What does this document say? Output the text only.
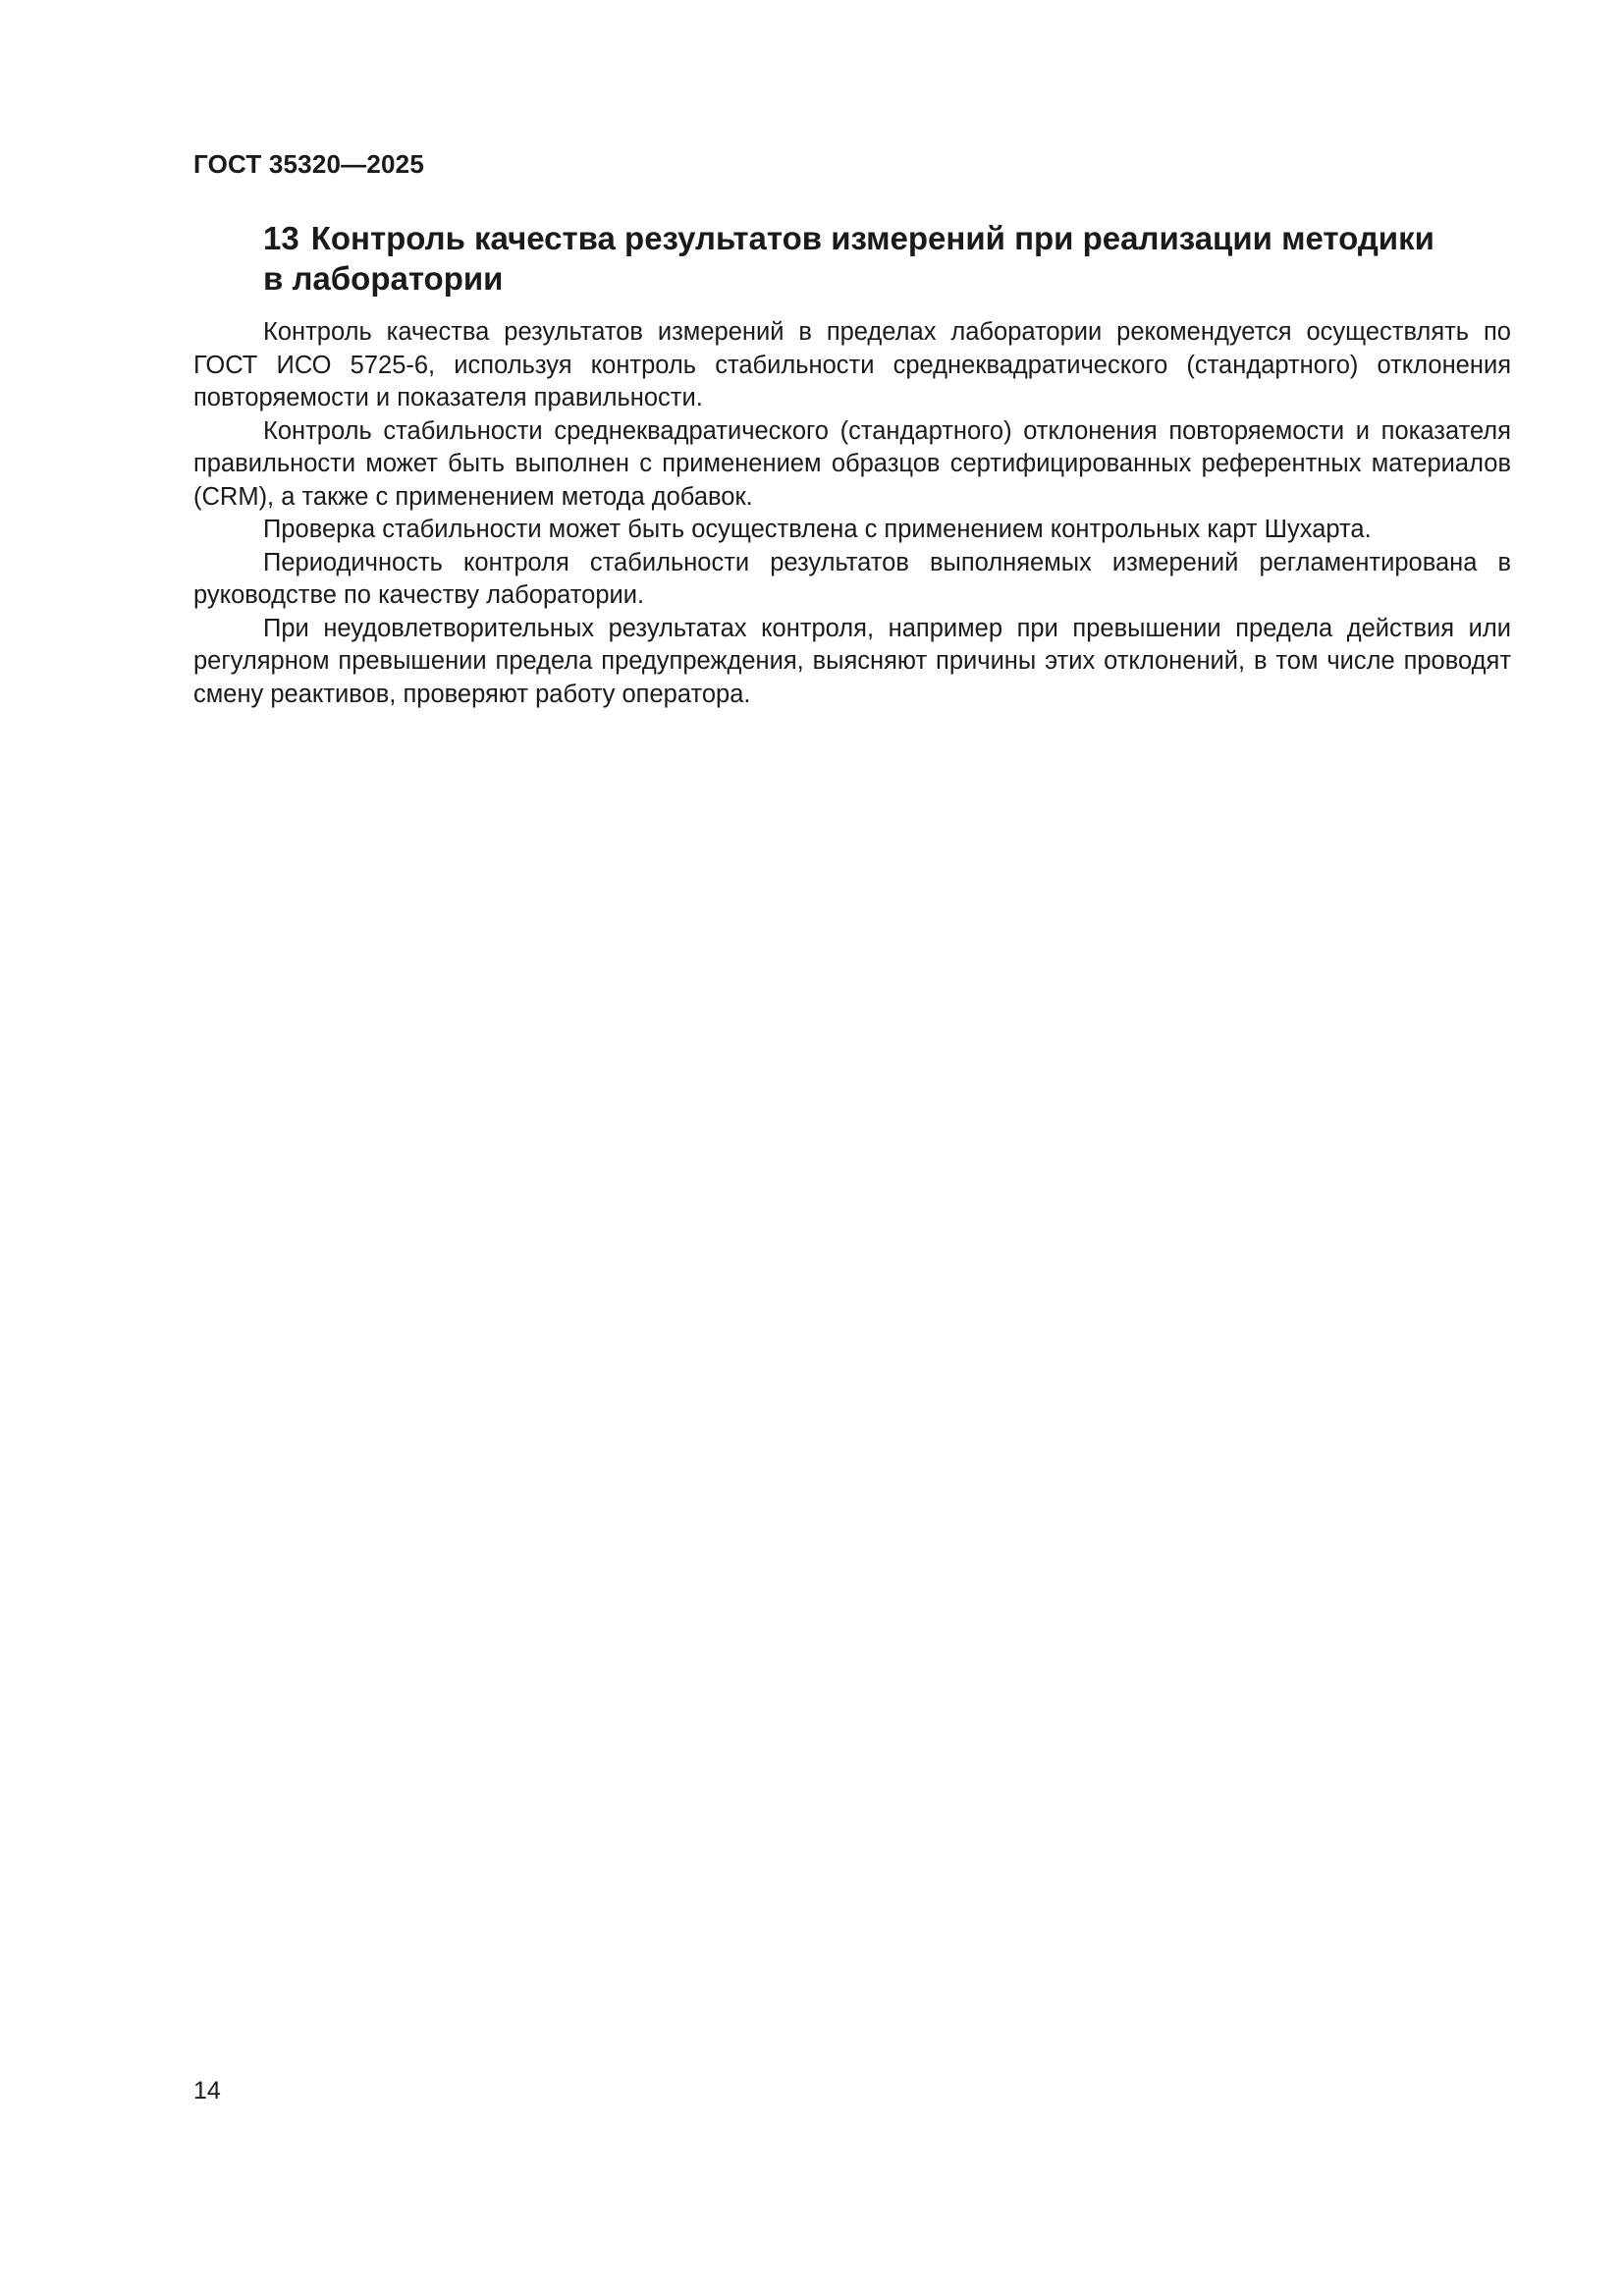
ГОСТ 35320—2025
13 Контроль качества результатов измерений при реализации методики
в лаборатории

Контроль качества результатов измерений в пределах лаборатории рекомендуется осуществлять по ГОСТ ИСО 5725-6, используя контроль стабильности среднеквадратического (стандартного) отклонения повторяемости и показателя правильности.

Контроль стабильности среднеквадратического (стандартного) отклонения повторяемости и показателя правильности может быть выполнен с применением образцов сертифицированных референтных материалов (CRM), а также с применением метода добавок.

Проверка стабильности может быть осуществлена с применением контрольных карт Шухарта.

Периодичность контроля стабильности результатов выполняемых измерений регламентирована в руководстве по качеству лаборатории.

При неудовлетворительных результатах контроля, например при превышении предела действия или регулярном превышении предела предупреждения, выясняют причины этих отклонений, в том числе проводят смену реактивов, проверяют работу оператора.

14
